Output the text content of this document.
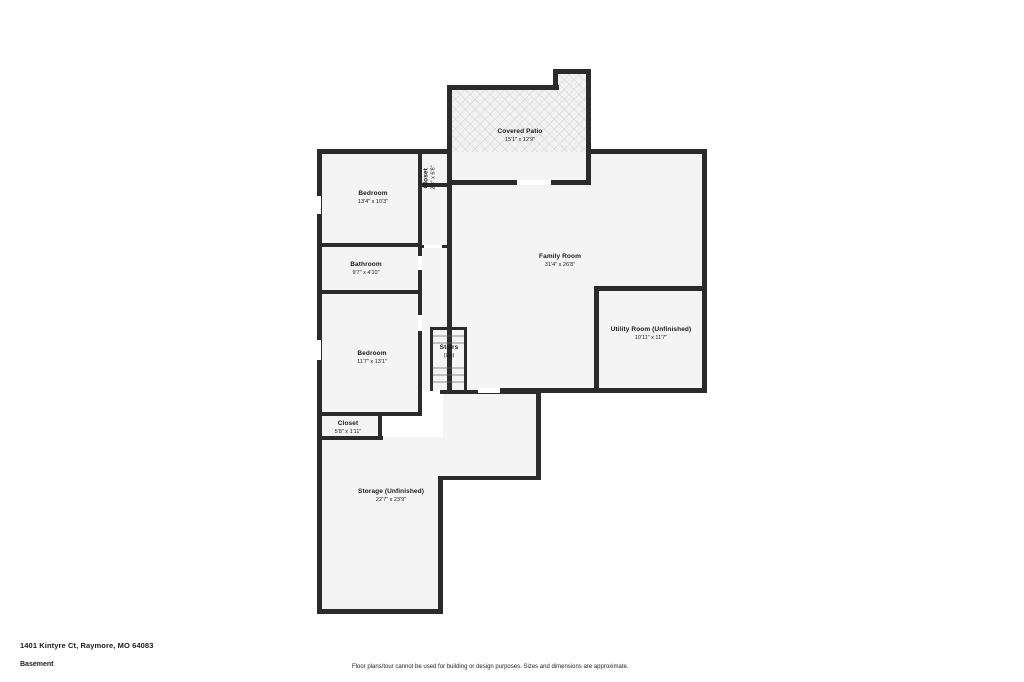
Covered Patio
15'1" x 12'9"
Bedroom
13'4" x 10'3"
Closet 2'3" x 6'8"
Bathroom
9'7" x 4'10"
Family Room
31'4" x 26'8"
Utility Room (Unfinished)
10'11" x 11'7"
Bedroom
11'7" x 13'1"
Stairs
(Up)
Closet
5'8" x 1'11"
Storage (Unfinished)
22'7" x 23'9"
1401 Kintyre Ct, Raymore, MO 64083
Basement	Floor plans/tour cannot be used for building or design purposes. Sizes and dimensions are approximate.
